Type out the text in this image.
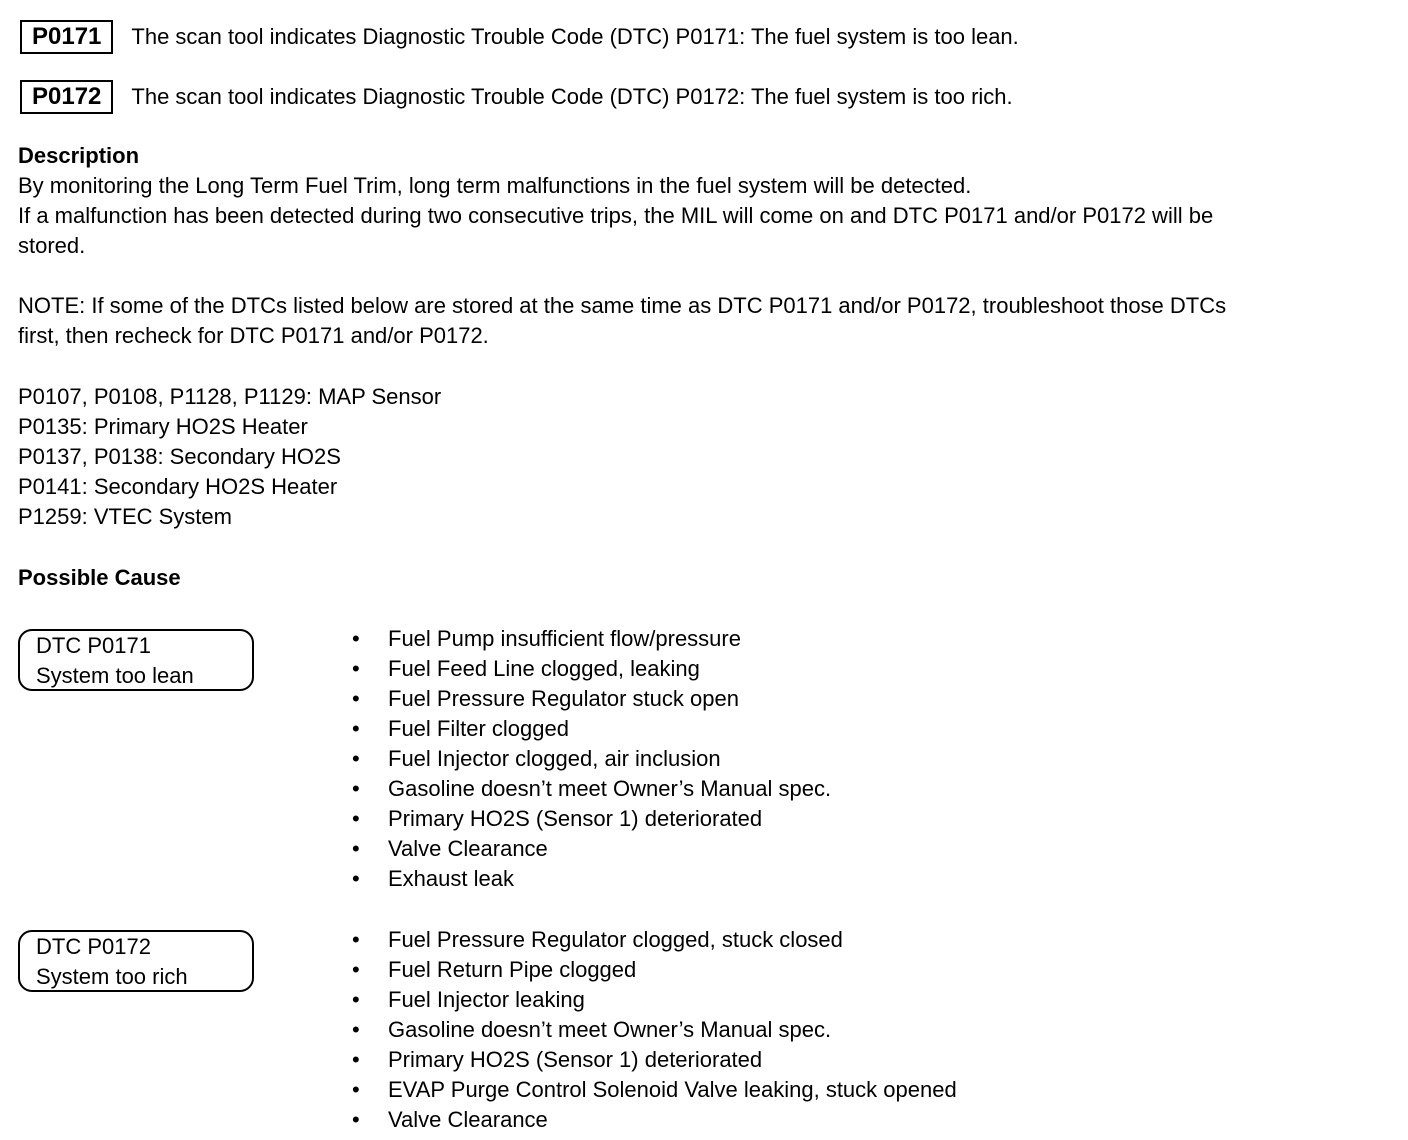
P0171	The scan tool indicates Diagnostic Trouble Code (DTC) P0171: The fuel system is too lean.
P0172	The scan tool indicates Diagnostic Trouble Code (DTC) P0172: The fuel system is too rich.
Description
By monitoring the Long Term Fuel Trim, long term malfunctions in the fuel system will be detected.
If a malfunction has been detected during two consecutive trips, the MIL will come on and DTC P0171 and/or P0172 will be
stored.
NOTE: If some of the DTCs listed below are stored at the same time as DTC P0171 and/or P0172, troubleshoot those DTCs
first, then recheck for DTC P0171 and/or P0172.
P0107, P0108, P1128, P1129: MAP Sensor
P0135: Primary HO2S Heater
P0137, P0138: Secondary HO2S
P0141: Secondary HO2S Heater
P1259: VTEC System
Possible Cause
DTC P0171
System too lean
• Fuel Pump insufficient flow/pressure
• Fuel Feed Line clogged, leaking
• Fuel Pressure Regulator stuck open
• Fuel Filter clogged
• Fuel Injector clogged, air inclusion
• Gasoline doesn’t meet Owner’s Manual spec.
• Primary HO2S (Sensor 1) deteriorated
• Valve Clearance
• Exhaust leak
DTC P0172
System too rich
• Fuel Pressure Regulator clogged, stuck closed
• Fuel Return Pipe clogged
• Fuel Injector leaking
• Gasoline doesn’t meet Owner’s Manual spec.
• Primary HO2S (Sensor 1) deteriorated
• EVAP Purge Control Solenoid Valve leaking, stuck opened
• Valve Clearance
